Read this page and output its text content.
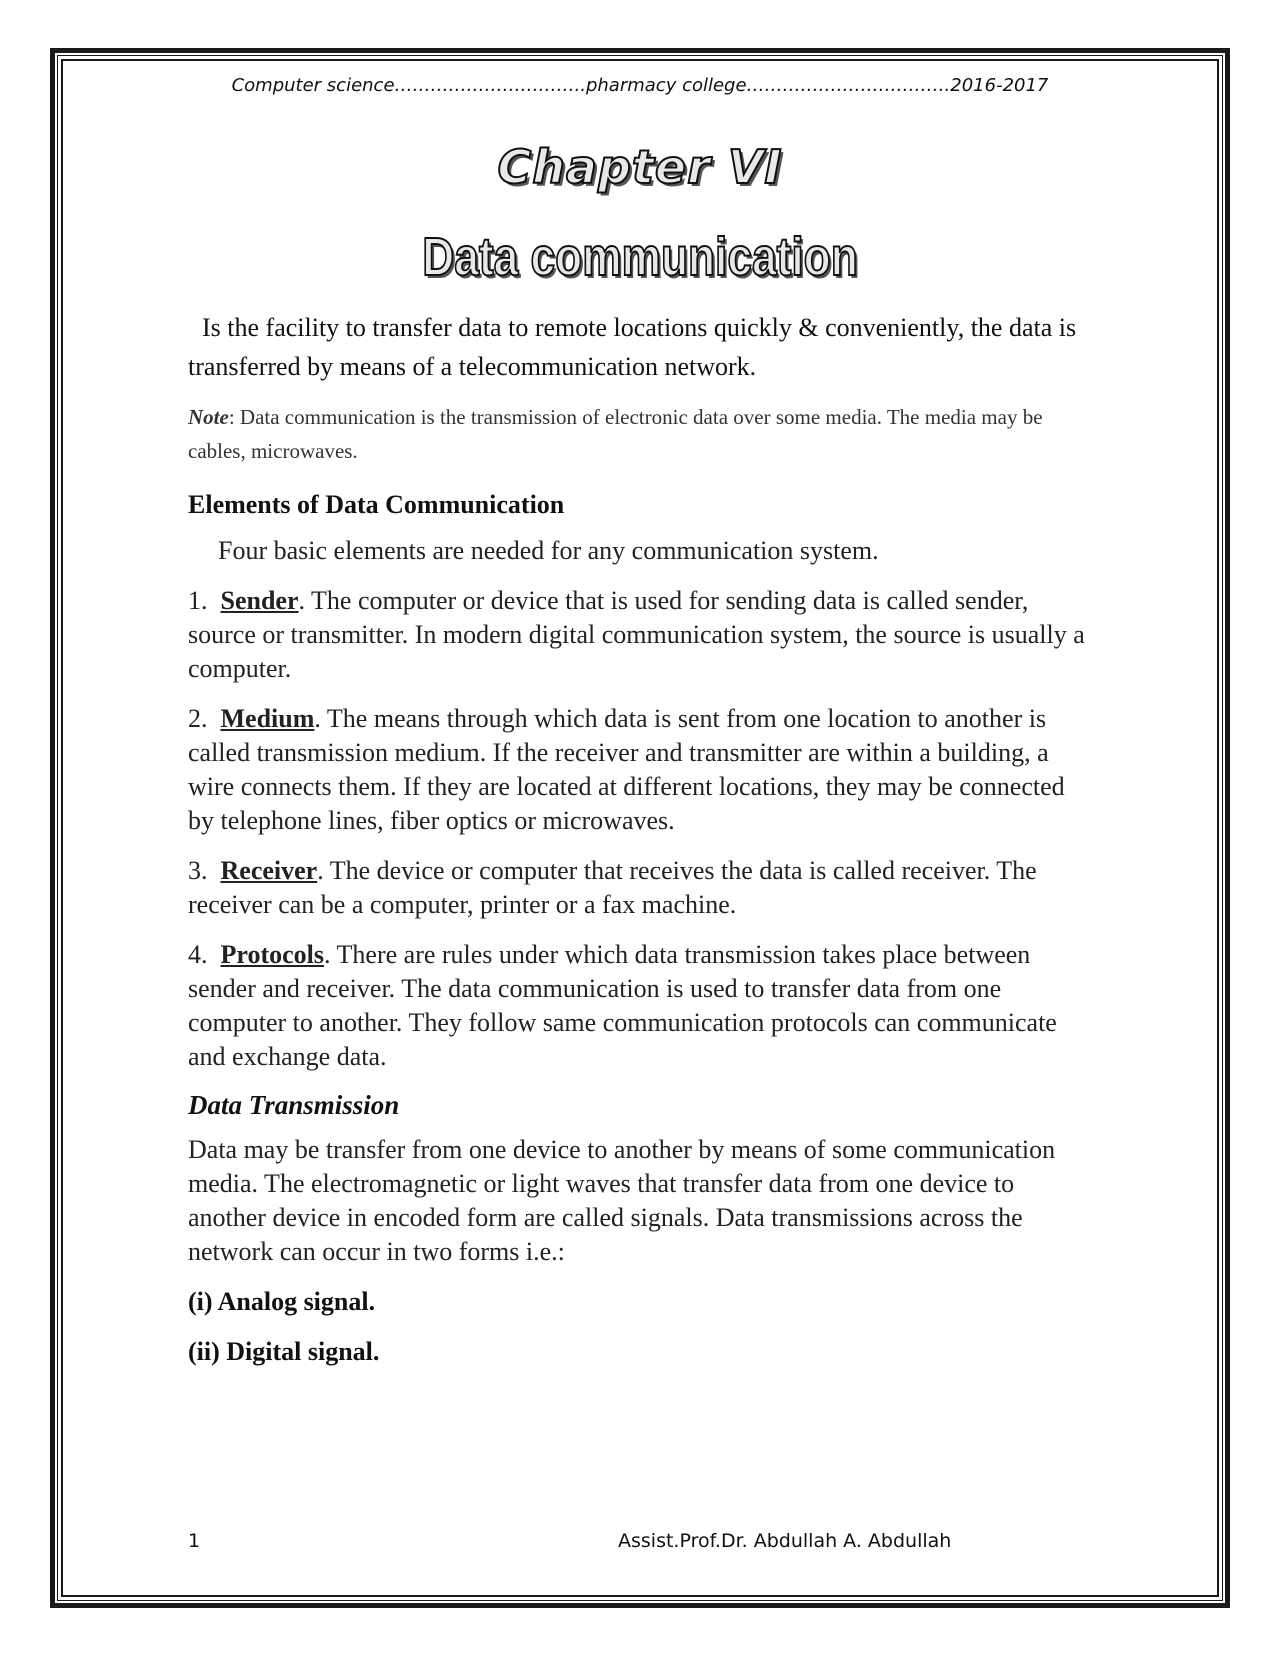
Computer science…………………………..pharmacy college…………………………….2016-2017
Chapter VI
Data communication

Is the facility to transfer data to remote locations quickly & conveniently, the data is transferred by means of a telecommunication network.

Note: Data communication is the transmission of electronic data over some media. The media may be cables, microwaves.

Elements of Data Communication

Four basic elements are needed for any communication system.

1. Sender. The computer or device that is used for sending data is called sender, source or transmitter. In modern digital communication system, the source is usually a computer.

2. Medium. The means through which data is sent from one location to another is called transmission medium. If the receiver and transmitter are within a building, a wire connects them. If they are located at different locations, they may be connected by telephone lines, fiber optics or microwaves.

3. Receiver. The device or computer that receives the data is called receiver. The receiver can be a computer, printer or a fax machine.

4. Protocols. There are rules under which data transmission takes place between sender and receiver. The data communication is used to transfer data from one computer to another. They follow same communication protocols can communicate and exchange data.

Data Transmission

Data may be transfer from one device to another by means of some communication media. The electromagnetic or light waves that transfer data from one device to another device in encoded form are called signals. Data transmissions across the network can occur in two forms i.e.:

(i) Analog signal.
(ii) Digital signal.
1	Assist.Prof.Dr. Abdullah A. Abdullah
